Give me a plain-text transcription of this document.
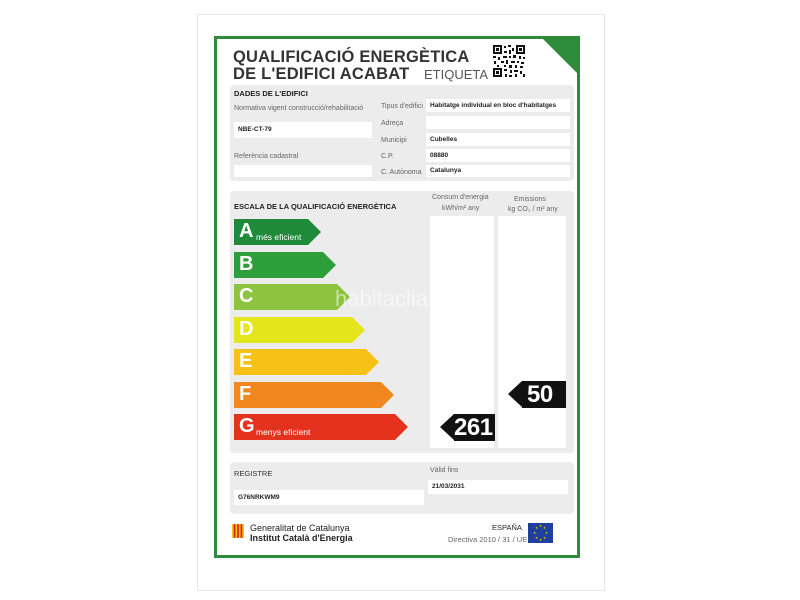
QUALIFICACIÓ ENERGÈTICA
DE L'EDIFICI ACABAT ETIQUETA
DADES DE L'EDIFICI
Normativa vigent construcció/rehabilitació
NBE-CT-79
Referència cadastral
Tipus d'edifici Habitatge individual en bloc d'habitatges
Adreça
Municipi	Cubelles
C.P.	08880
C. Autònoma Catalunya
ESCALA DE LA QUALIFICACIÓ ENERGÈTICA
Consum d'energia
kWh/m² any
Emissions
kg CO₂ / m² any
A més eficient
B
C
D
E
F
G menys eficient
50
261
REGISTRE
G76NRKWM9
Vàlid fins
21/03/2031
Generalitat de Catalunya
Institut Català d'Energia
ESPAÑA
Directiva 2010 / 31 / UE
★ ★
★
★
★
★
★
★
habitaclia
